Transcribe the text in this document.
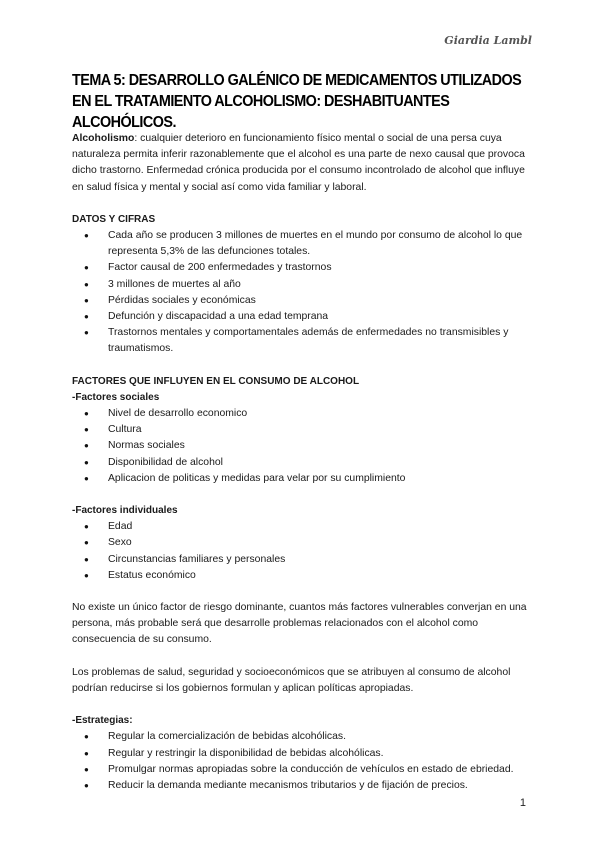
Giardia Lambl
TEMA 5: DESARROLLO GALÉNICO DE MEDICAMENTOS UTILIZADOS EN EL TRATAMIENTO ALCOHOLISMO: DESHABITUANTES ALCOHÓLICOS.

Alcoholismo: cualquier deterioro en funcionamiento físico mental o social de una persa cuya naturaleza permita inferir razonablemente que el alcohol es una parte de nexo causal que provoca dicho trastorno. Enfermedad crónica producida por el consumo incontrolado de alcohol que influye en salud física y mental y social así como vida familiar y laboral.

DATOS Y CIFRAS

● Cada año se producen 3 millones de muertes en el mundo por consumo de alcohol lo que representa 5,3% de las defunciones totales.
● Factor causal de 200 enfermedades y trastornos
● 3 millones de muertes al año
● Pérdidas sociales y económicas
● Defunción y discapacidad a una edad temprana
● Trastornos mentales y comportamentales además de enfermedades no transmisibles y traumatismos.

FACTORES QUE INFLUYEN EN EL CONSUMO DE ALCOHOL

-Factores sociales

● Nivel de desarrollo economico
● Cultura
● Normas sociales
● Disponibilidad de alcohol
● Aplicacion de politicas y medidas para velar por su cumplimiento

-Factores individuales

● Edad
● Sexo
● Circunstancias familiares y personales
● Estatus económico

No existe un único factor de riesgo dominante, cuantos más factores vulnerables converjan en una persona, más probable será que desarrolle problemas relacionados con el alcohol como consecuencia de su consumo.

Los problemas de salud, seguridad y socioeconómicos que se atribuyen al consumo de alcohol podrían reducirse si los gobiernos formulan y aplican políticas apropiadas.

-Estrategias:

● Regular la comercialización de bebidas alcohólicas.
● Regular y restringir la disponibilidad de bebidas alcohólicas.
● Promulgar normas apropiadas sobre la conducción de vehículos en estado de ebriedad.
● Reducir la demanda mediante mecanismos tributarios y de fijación de precios.
1
